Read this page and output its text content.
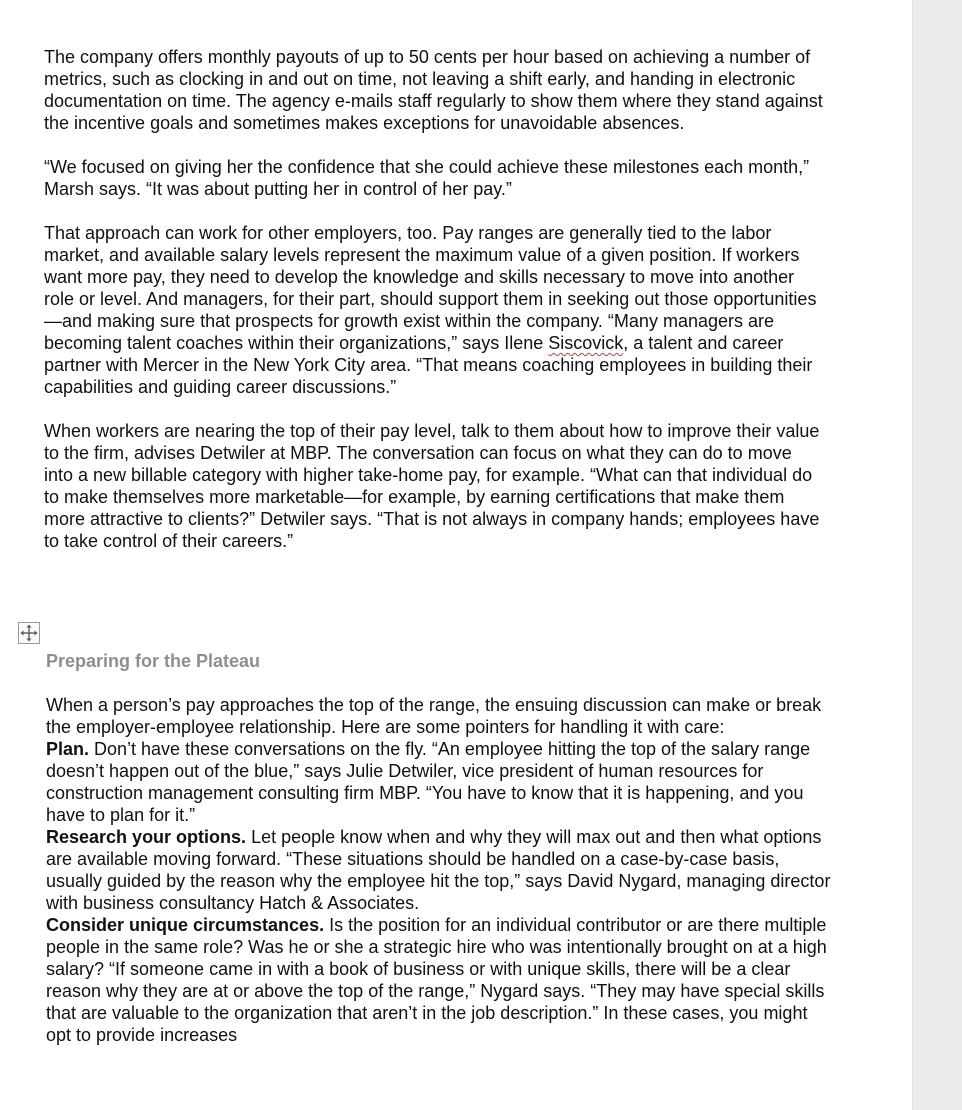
The company offers monthly payouts of up to 50 cents per hour based on achieving a number of metrics, such as clocking in and out on time, not leaving a shift early, and handing in electronic documentation on time. The agency e-mails staff regularly to show them where they stand against the incentive goals and sometimes makes exceptions for unavoidable absences.

“We focused on giving her the confidence that she could achieve these milestones each month,” Marsh says. “It was about putting her in control of her pay.”

That approach can work for other employers, too. Pay ranges are generally tied to the labor market, and available salary levels represent the maximum value of a given position. If workers want more pay, they need to develop the knowledge and skills necessary to move into another role or level. And managers, for their part, should support them in seeking out those opportunities—and making sure that prospects for growth exist within the company. “Many managers are becoming talent coaches within their organizations,” says Ilene Siscovick, a talent and career partner with Mercer in the New York City area. “That means coaching employees in building their capabilities and guiding career discussions.”

When workers are nearing the top of their pay level, talk to them about how to improve their value to the firm, advises Detwiler at MBP. The conversation can focus on what they can do to move into a new billable category with higher take-home pay, for example. “What can that individual do to make themselves more marketable—for example, by earning certifications that make them more attractive to clients?” Detwiler says. “That is not always in company hands; employees have to take control of their careers.”

Preparing for the Plateau

When a person’s pay approaches the top of the range, the ensuing discussion can make or break the employer-employee relationship. Here are some pointers for handling it with care:

Plan. Don’t have these conversations on the fly. “An employee hitting the top of the salary range doesn’t happen out of the blue,” says Julie Detwiler, vice president of human resources for construction management consulting firm MBP. “You have to know that it is happening, and you have to plan for it.”

Research your options. Let people know when and why they will max out and then what options are available moving forward. “These situations should be handled on a case-by-case basis, usually guided by the reason why the employee hit the top,” says David Nygard, managing director with business consultancy Hatch & Associates.

Consider unique circumstances. Is the position for an individual contributor or are there multiple people in the same role? Was he or she a strategic hire who was intentionally brought on at a high salary? “If someone came in with a book of business or with unique skills, there will be a clear reason why they are at or above the top of the range,” Nygard says. “They may have special skills that are valuable to the organization that aren’t in the job description.” In these cases, you might opt to provide increases
